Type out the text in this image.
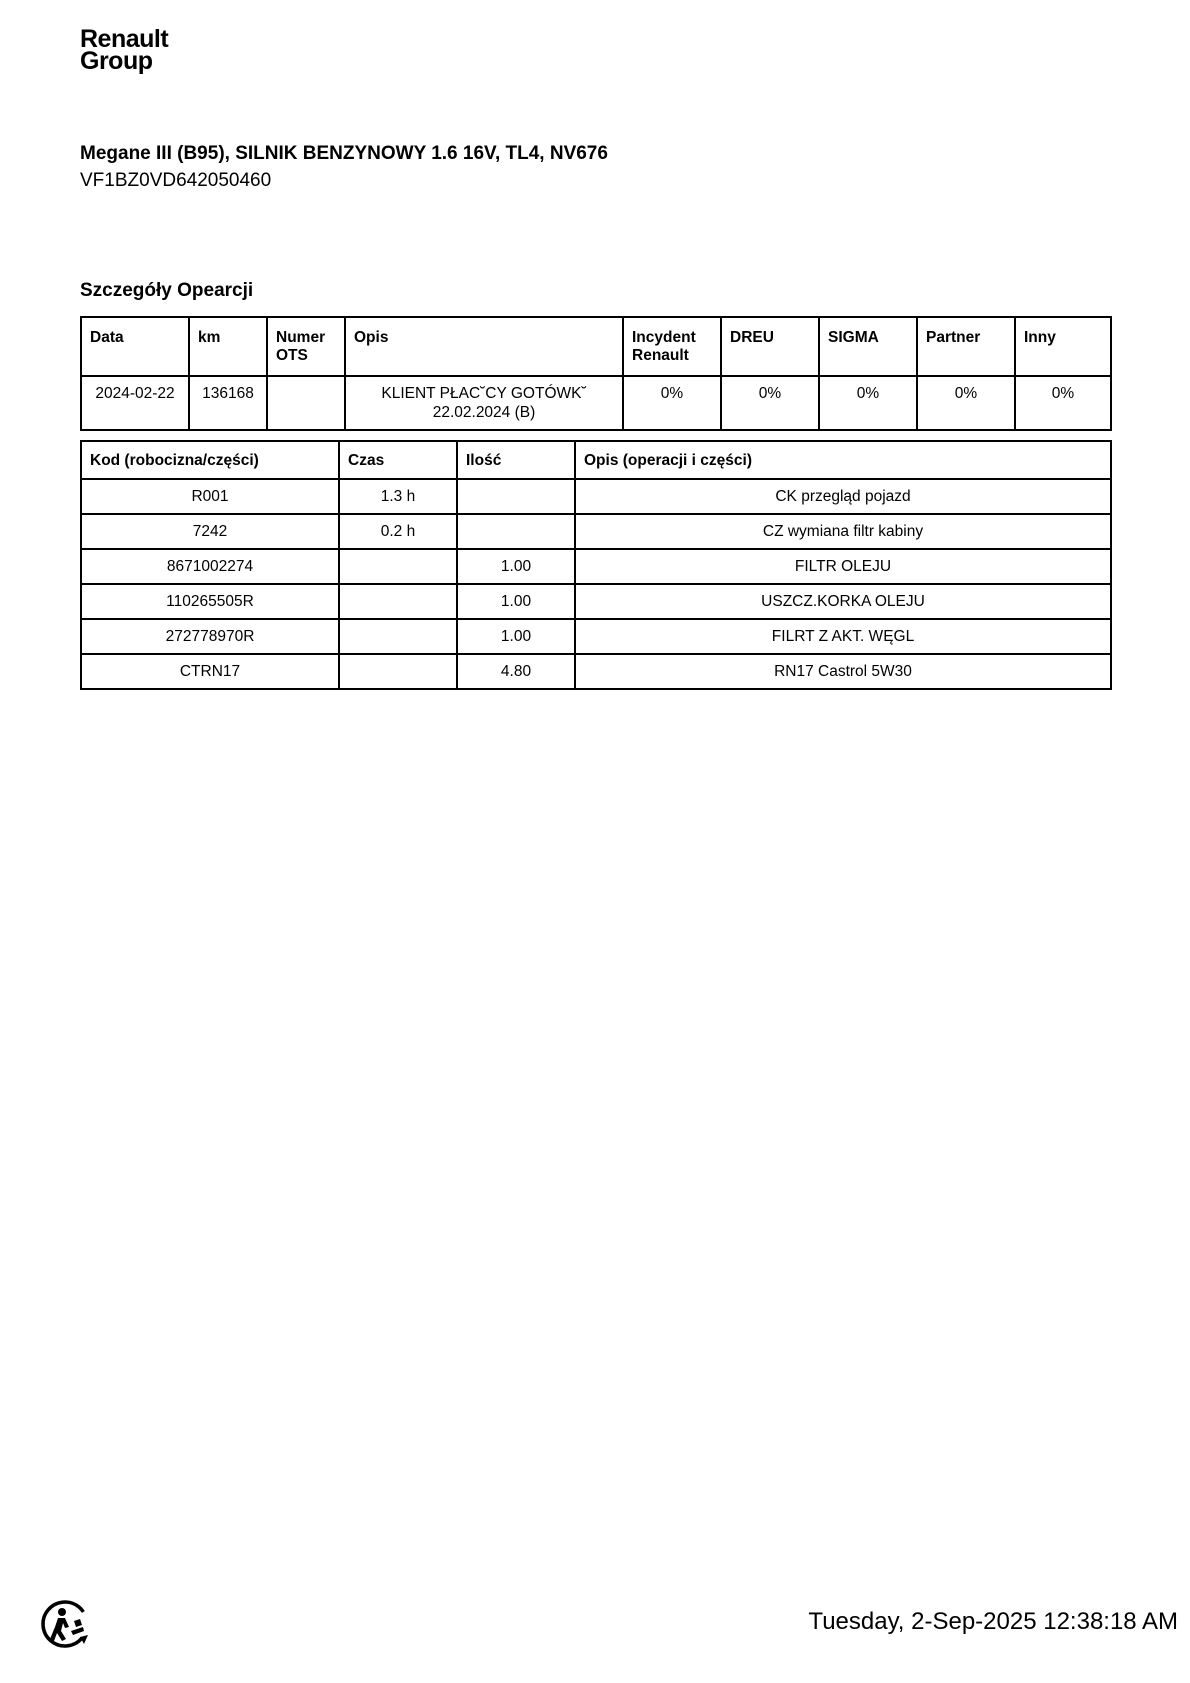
Renault
Group
Megane III (B95), SILNIK BENZYNOWY 1.6 16V, TL4, NV676
VF1BZ0VD642050460
Szczegóły Opearcji
Data	km	Numer OTS	Opis	Incydent Renault	DREU	SIGMA	Partner	Inny
2024-02-22	136168		KLIENT PŁAC˘CY GOTÓWK˘ 22.02.2024 (B)	0%	0%	0%	0%	0%
Kod (robocizna/części)	Czas	Ilość	Opis (operacji i części)
R001	1.3 h		CK przegląd pojazd
7242	0.2 h		CZ wymiana filtr kabiny
8671002274		1.00	FILTR OLEJU
110265505R		1.00	USZCZ.KORKA OLEJU
272778970R		1.00	FILRT Z AKT. WĘGL
CTRN17		4.80	RN17 Castrol 5W30
Tuesday, 2-Sep-2025 12:38:18 AM
